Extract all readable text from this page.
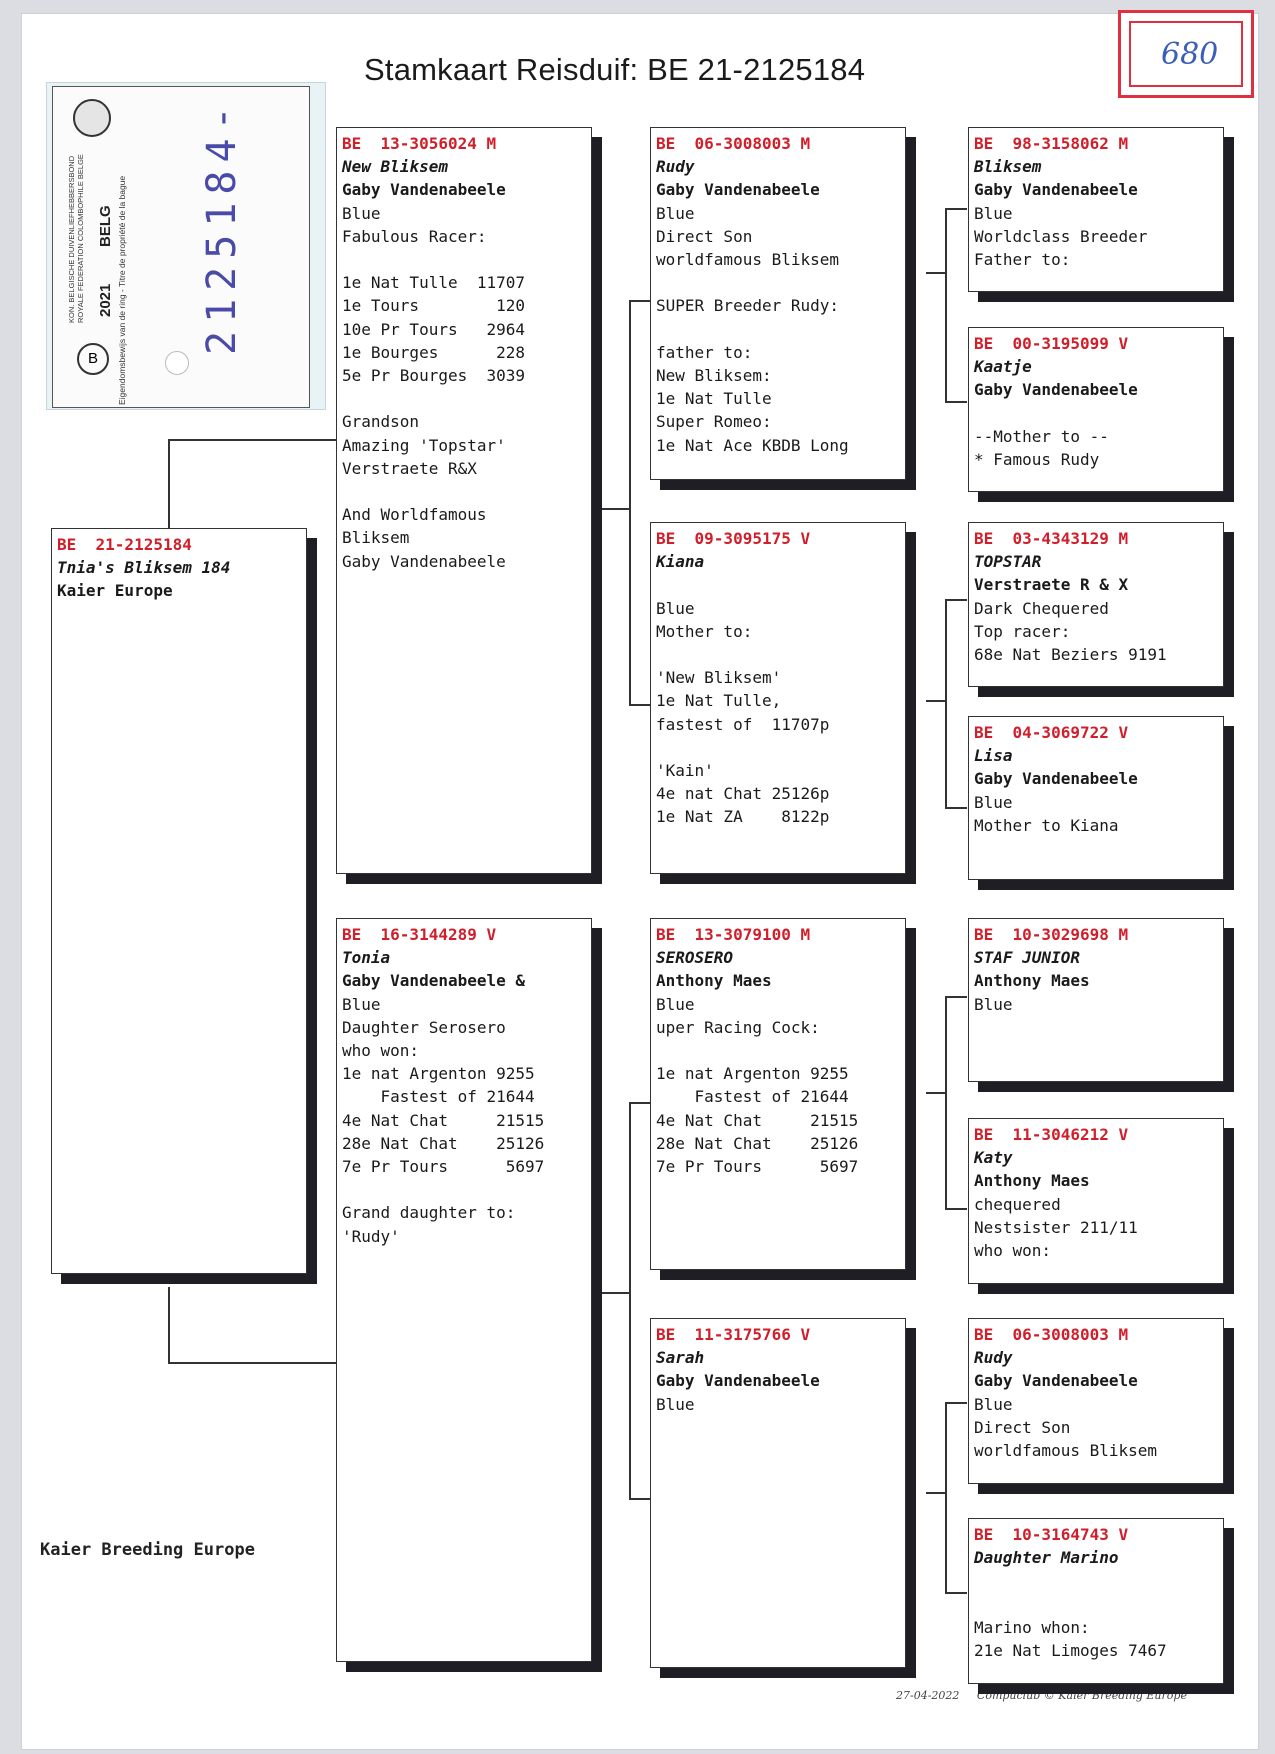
Stamkaart Reisduif: BE 21-2125184	680
B
KON. BELGISCHE DUIVENLIEFHEBBERSBOND ROYALE FEDERATION COLOMBOPHILE BELGE 2021
BELG Eigendomsbewijs van de ring - Titre de propriété de la bague 2125184-
Kaier Breeding Europe
27-04-2022 Compuclub © Kaier Breeding Europe
BE  21-2125184
Tnia's Bliksem 184
Kaier Europe
BE  13-3056024 M
New Bliksem
Gaby Vandenabeele
Blue
Fabulous Racer:
1e Nat Tulle  11707
1e Tours        120
10e Pr Tours   2964
1e Bourges      228
5e Pr Bourges  3039
Grandson
Amazing 'Topstar'
Verstraete R&X
And Worldfamous
Bliksem
Gaby Vandenabeele
BE  16-3144289 V
Tonia
Gaby Vandenabeele &
Blue
Daughter Serosero
who won:
1e nat Argenton 9255
Fastest of 21644
4e Nat Chat     21515
28e Nat Chat    25126
7e Pr Tours      5697
Grand daughter to:
'Rudy'
BE  06-3008003 M
Rudy
Gaby Vandenabeele
Blue
Direct Son
worldfamous Bliksem
SUPER Breeder Rudy:
father to:
New Bliksem:
1e Nat Tulle
Super Romeo:
1e Nat Ace KBDB Long
BE  09-3095175 V
Kiana
Blue
Mother to:
'New Bliksem'
1e Nat Tulle,
fastest of  11707p
'Kain'
4e nat Chat 25126p
1e Nat ZA    8122p
BE  13-3079100 M
SEROSERO
Anthony Maes
Blue
uper Racing Cock:
1e nat Argenton 9255
Fastest of 21644
4e Nat Chat     21515
28e Nat Chat    25126
7e Pr Tours      5697
BE  11-3175766 V
Sarah
Gaby Vandenabeele
Blue
BE  98-3158062 M
Bliksem
Gaby Vandenabeele
Blue
Worldclass Breeder
Father to:
BE  00-3195099 V
Kaatje
Gaby Vandenabeele
--Mother to --
* Famous Rudy
BE  03-4343129 M
TOPSTAR
Verstraete R & X
Dark Chequered
Top racer:
68e Nat Beziers 9191
BE  04-3069722 V
Lisa
Gaby Vandenabeele
Blue
Mother to Kiana
BE  10-3029698 M
STAF JUNIOR
Anthony Maes
Blue
BE  11-3046212 V
Katy
Anthony Maes
chequered
Nestsister 211/11
who won:
BE  06-3008003 M
Rudy
Gaby Vandenabeele
Blue
Direct Son
worldfamous Bliksem
BE  10-3164743 V
Daughter Marino
Marino whon:
21e Nat Limoges 7467
